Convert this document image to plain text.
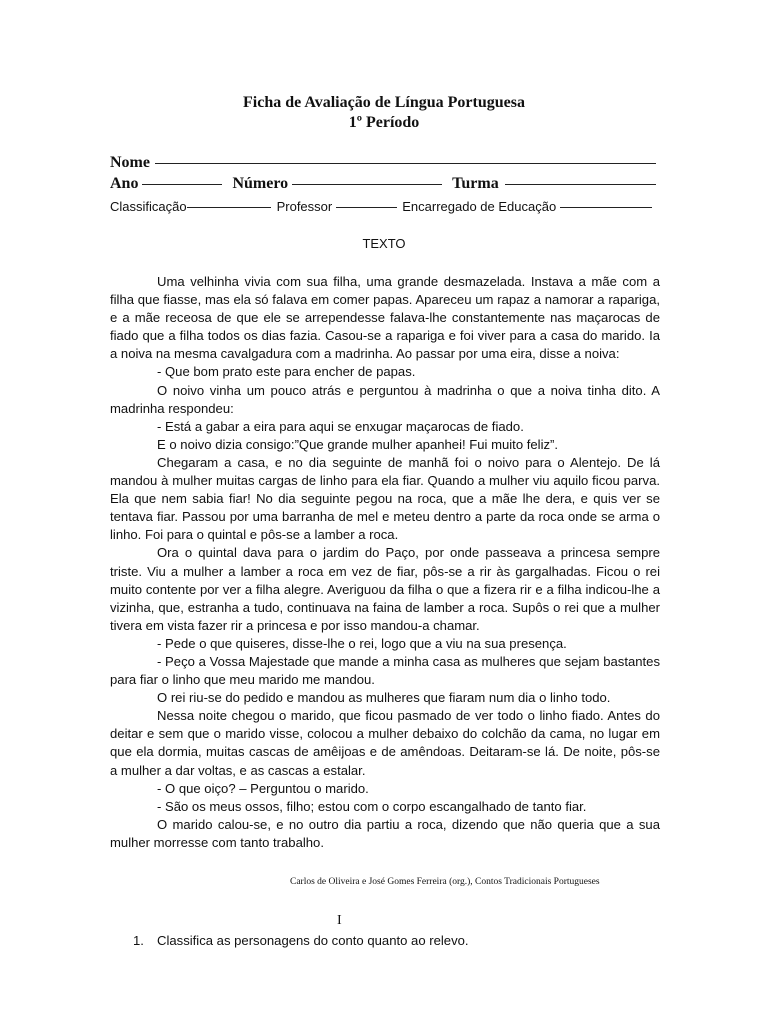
Ficha de Avaliação de Língua Portuguesa
1º Período
Nome
Ano	Número	Turma
Classificação	Professor	Encarregado de Educação
TEXTO

Uma velhinha vivia com sua filha, uma grande desmazelada. Instava a mãe com a filha que fiasse, mas ela só falava em comer papas. Apareceu um rapaz a namorar a rapariga, e a mãe receosa de que ele se arrependesse falava-lhe constantemente nas maçarocas de fiado que a filha todos os dias fazia. Casou-se a rapariga e foi viver para a casa do marido. Ia a noiva na mesma cavalgadura com a madrinha. Ao passar por uma eira, disse a noiva:

- Que bom prato este para encher de papas.

O noivo vinha um pouco atrás e perguntou à madrinha o que a noiva tinha dito. A madrinha respondeu:

- Está a gabar a eira para aqui se enxugar maçarocas de fiado.

E o noivo dizia consigo:”Que grande mulher apanhei! Fui muito feliz”.

Chegaram a casa, e no dia seguinte de manhã foi o noivo para o Alentejo. De lá mandou à mulher muitas cargas de linho para ela fiar. Quando a mulher viu aquilo ficou parva. Ela que nem sabia fiar! No dia seguinte pegou na roca, que a mãe lhe dera, e quis ver se tentava fiar. Passou por uma barranha de mel e meteu dentro a parte da roca onde se arma o linho. Foi para o quintal e pôs-se a lamber a roca.

Ora o quintal dava para o jardim do Paço, por onde passeava a princesa sempre triste. Viu a mulher a lamber a roca em vez de fiar, pôs-se a rir às gargalhadas. Ficou o rei muito contente por ver a filha alegre. Averiguou da filha o que a fizera rir e a filha indicou-lhe a vizinha, que, estranha a tudo, continuava na faina de lamber a roca. Supôs o rei que a mulher tivera em vista fazer rir a princesa e por isso mandou-a chamar.

- Pede o que quiseres, disse-lhe o rei, logo que a viu na sua presença.

- Peço a Vossa Majestade que mande a minha casa as mulheres que sejam bastantes para fiar o linho que meu marido me mandou.

O rei riu-se do pedido e mandou as mulheres que fiaram num dia o linho todo.

Nessa noite chegou o marido, que ficou pasmado de ver todo o linho fiado. Antes do deitar e sem que o marido visse, colocou a mulher debaixo do colchão da cama, no lugar em que ela dormia, muitas cascas de amêijoas e de amêndoas. Deitaram-se lá. De noite, pôs-se a mulher a dar voltas, e as cascas a estalar.

- O que oiço? – Perguntou o marido.

- São os meus ossos, filho; estou com o corpo escangalhado de tanto fiar.

O marido calou-se, e no outro dia partiu a roca, dizendo que não queria que a sua mulher morresse com tanto trabalho.

Carlos de Oliveira e José Gomes Ferreira (org.), Contos Tradicionais Portugueses
I
1. Classifica as personagens do conto quanto ao relevo.
